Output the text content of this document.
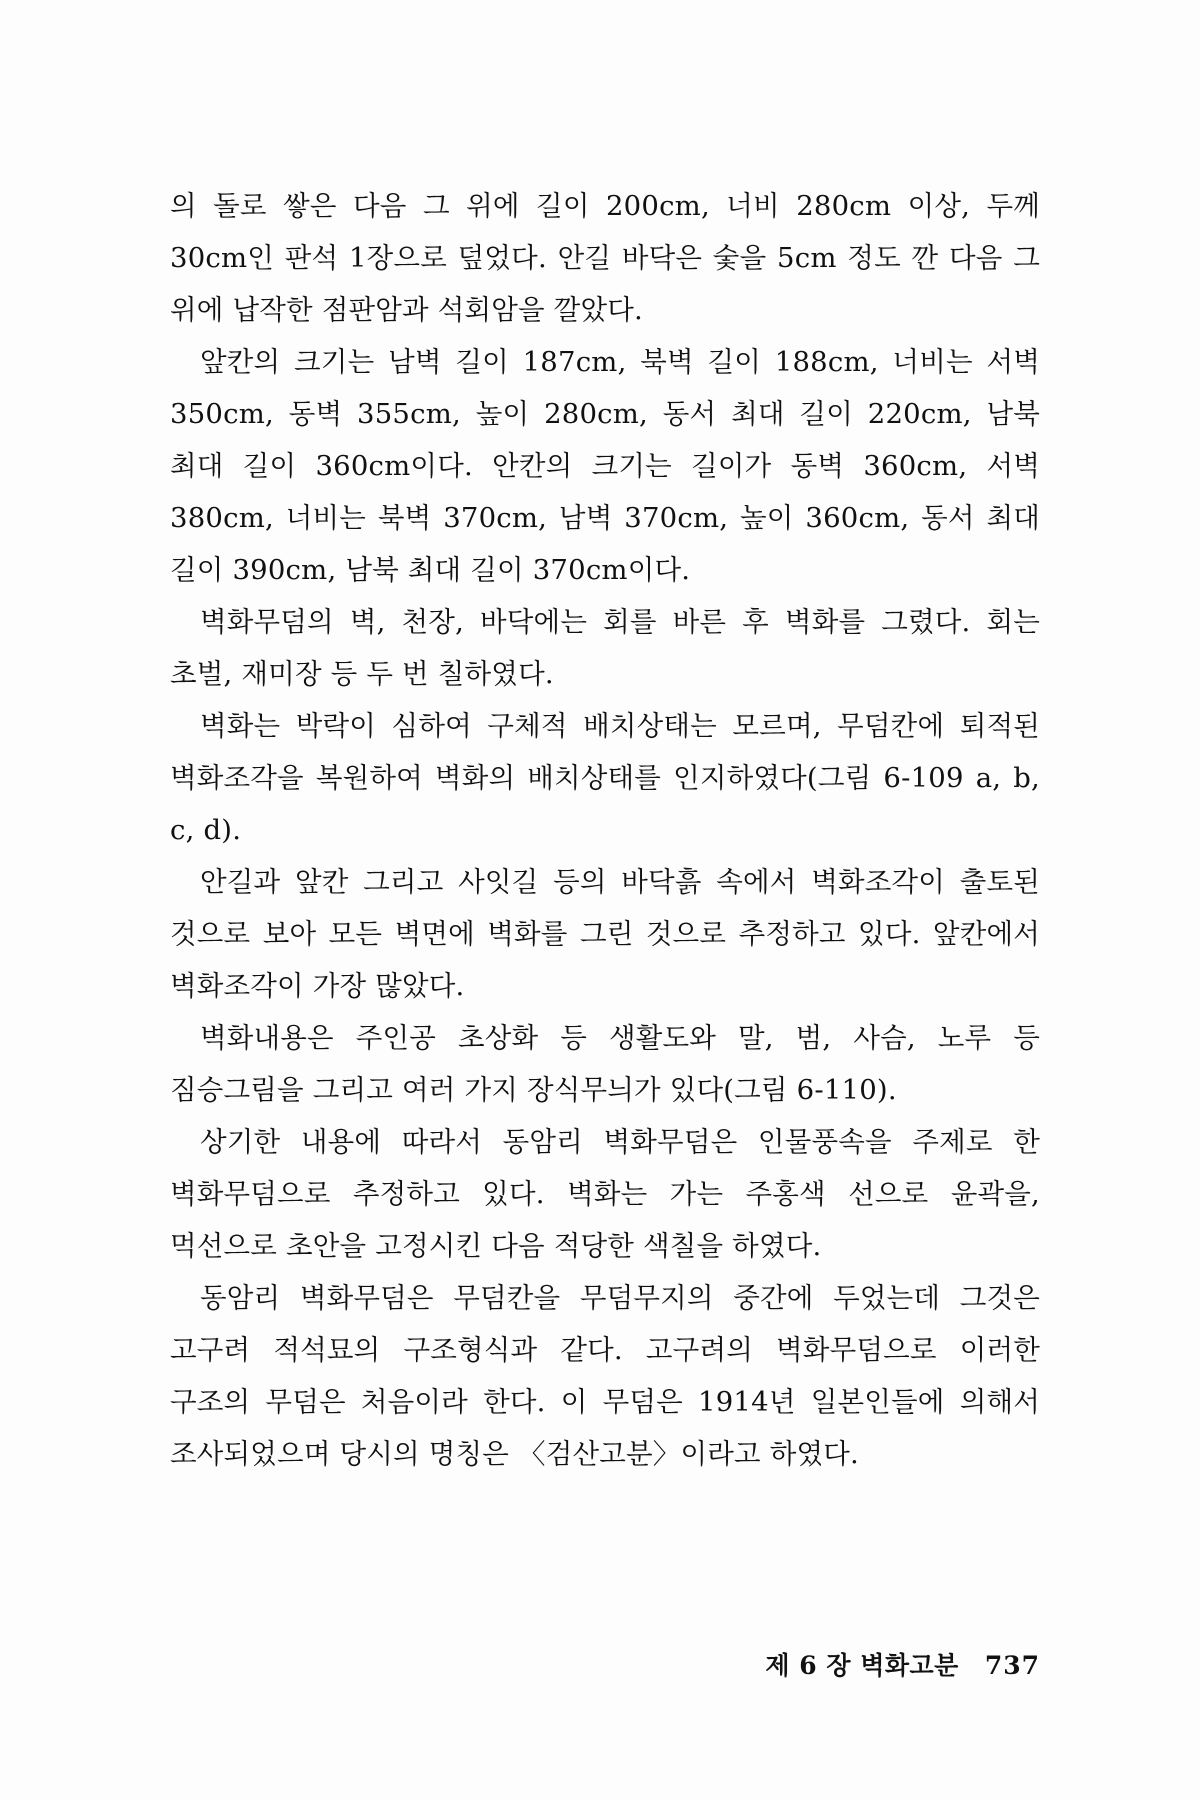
의 돌로 쌓은 다음 그 위에 길이 200cm, 너비 280cm 이상, 두께 30cm인 판석 1장으로 덮었다. 안길 바닥은 숯을 5cm 정도 깐 다음 그 위에 납작한 점판암과 석회암을 깔았다.

앞칸의 크기는 남벽 길이 187cm, 북벽 길이 188cm, 너비는 서벽 350cm, 동벽 355cm, 높이 280cm, 동서 최대 길이 220cm, 남북 최대 길이 360cm이다. 안칸의 크기는 길이가 동벽 360cm, 서벽 380cm, 너비는 북벽 370cm, 남벽 370cm, 높이 360cm, 동서 최대 길이 390cm, 남북 최대 길이 370cm이다.

벽화무덤의 벽, 천장, 바닥에는 회를 바른 후 벽화를 그렸다. 회는 초벌, 재미장 등 두 번 칠하였다.

벽화는 박락이 심하여 구체적 배치상태는 모르며, 무덤칸에 퇴적된 벽화조각을 복원하여 벽화의 배치상태를 인지하였다(그림 6-109 a, b, c, d).

안길과 앞칸 그리고 사잇길 등의 바닥흙 속에서 벽화조각이 출토된 것으로 보아 모든 벽면에 벽화를 그린 것으로 추정하고 있다. 앞칸에서 벽화조각이 가장 많았다.

벽화내용은 주인공 초상화 등 생활도와 말, 범, 사슴, 노루 등 짐승그림을 그리고 여러 가지 장식무늬가 있다(그림 6-110).

상기한 내용에 따라서 동암리 벽화무덤은 인물풍속을 주제로 한 벽화무덤으로 추정하고 있다. 벽화는 가는 주홍색 선으로 윤곽을, 먹선으로 초안을 고정시킨 다음 적당한 색칠을 하였다.

동암리 벽화무덤은 무덤칸을 무덤무지의 중간에 두었는데 그것은 고구려 적석묘의 구조형식과 같다. 고구려의 벽화무덤으로 이러한 구조의 무덤은 처음이라 한다. 이 무덤은 1914년 일본인들에 의해서 조사되었으며 당시의 명칭은 〈검산고분〉이라고 하였다.

제 6 장 벽화고분 737
